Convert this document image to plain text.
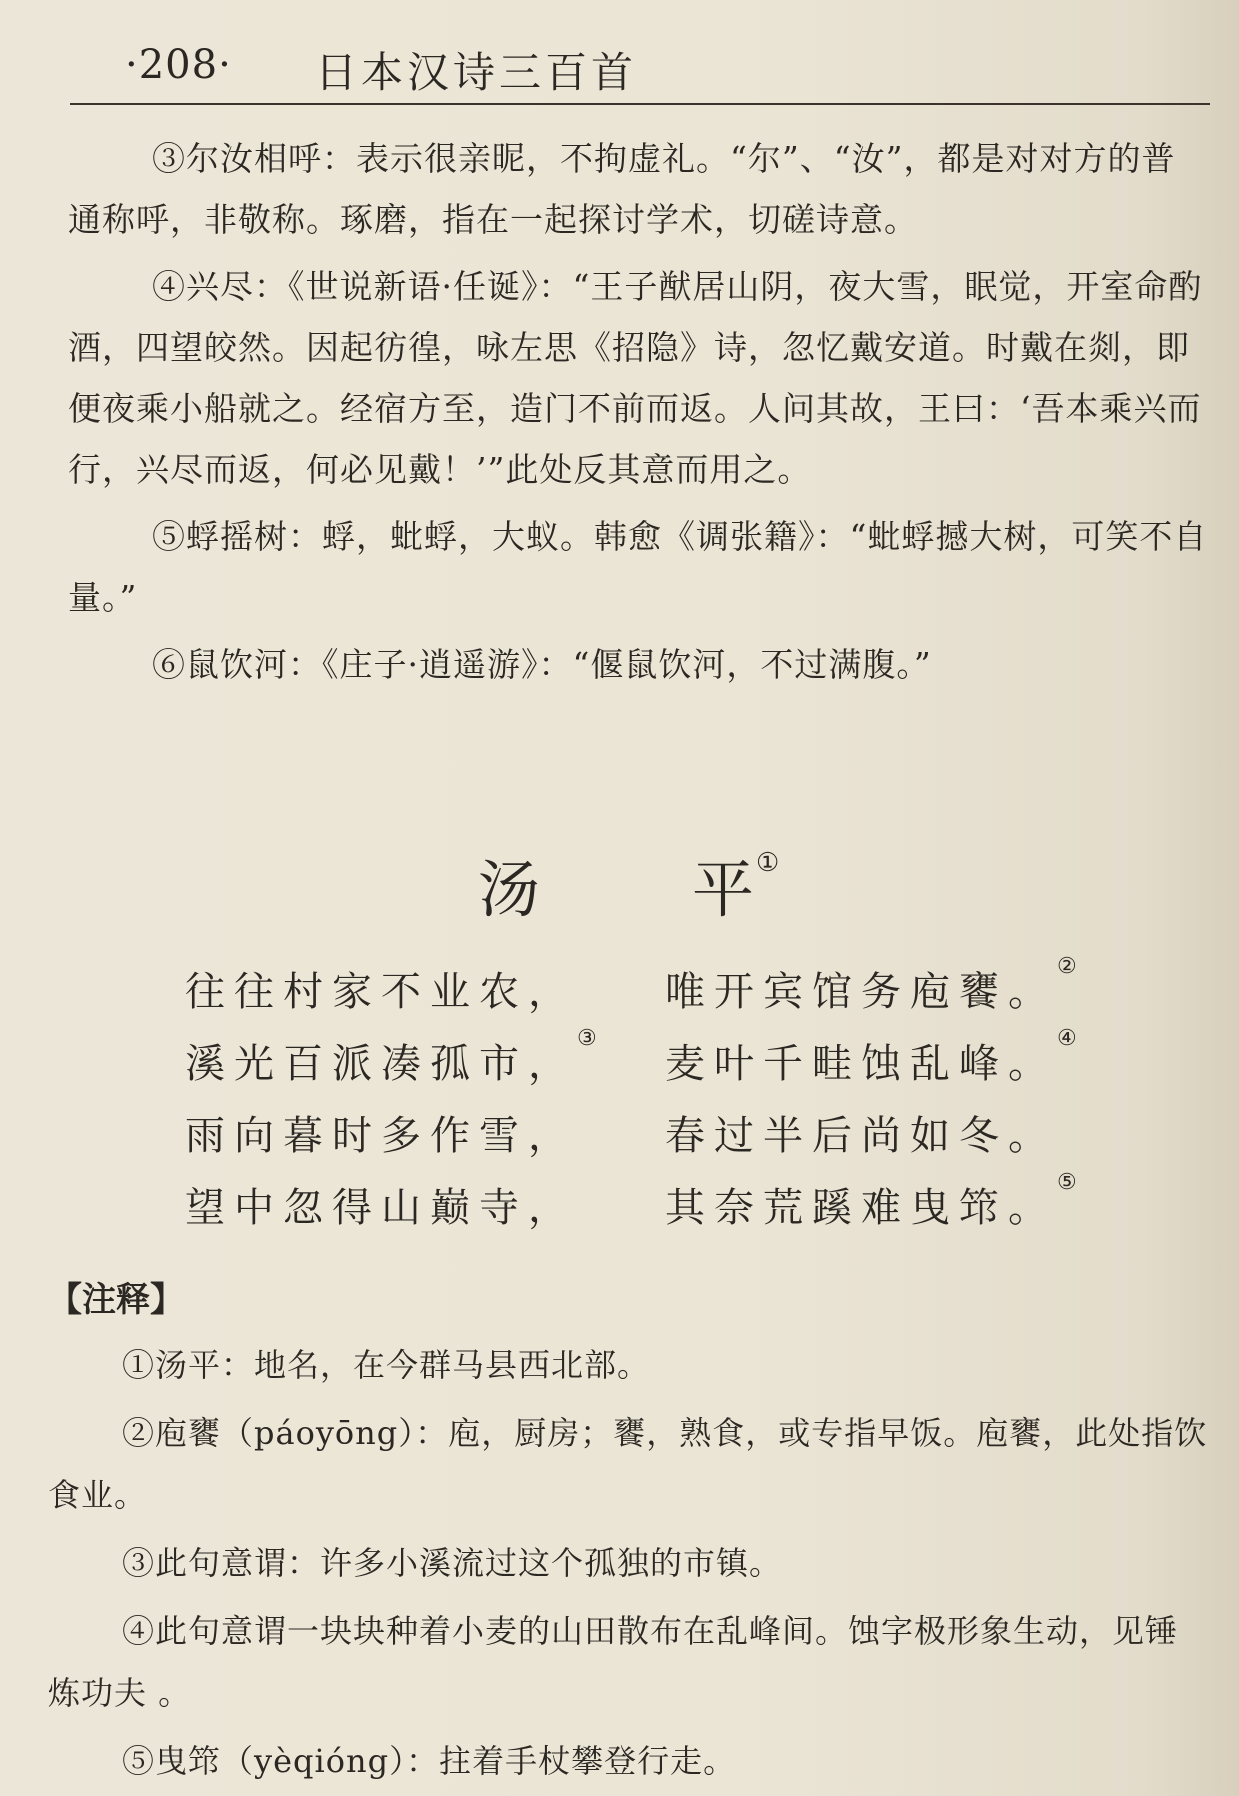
·208· 日本汉诗三百首

③尔汝相呼：表示很亲昵，不拘虚礼。“尔”、“汝”，都是对对方的普通称呼，非敬称。琢磨，指在一起探讨学术，切磋诗意。

④兴尽：《世说新语·任诞》：“王子猷居山阴，夜大雪，眠觉，开室命酌酒，四望皎然。因起彷徨，咏左思《招隐》诗，忽忆戴安道。时戴在剡，即便夜乘小船就之。经宿方至，造门不前而返。人问其故，王曰：‘吾本乘兴而行，兴尽而返，何必见戴！’”此处反其意而用之。

⑤蜉摇树：蜉，蚍蜉，大蚁。韩愈《调张籍》：“蚍蜉撼大树，可笑不自量。”

⑥鼠饮河：《庄子·逍遥游》：“偃鼠饮河，不过满腹。”

汤 平①
往往村家不业农， 唯开宾馆务庖饔。②
溪光百派凑孤市，③
麦叶千畦蚀乱峰。④
雨向暮时多作雪， 春过半后尚如冬。
望中忽得山巅寺， 其奈荒蹊难曳筇。⑤
【注释】

①汤平：地名，在今群马县西北部。

②庖饔（páoyōng）：庖，厨房；饔，熟食，或专指早饭。庖饔，此处指饮食业。

③此句意谓：许多小溪流过这个孤独的市镇。

④此句意谓一块块种着小麦的山田散布在乱峰间。蚀字极形象生动，见锤炼功夫 。

⑤曳筇（yèqióng）：拄着手杖攀登行走。
